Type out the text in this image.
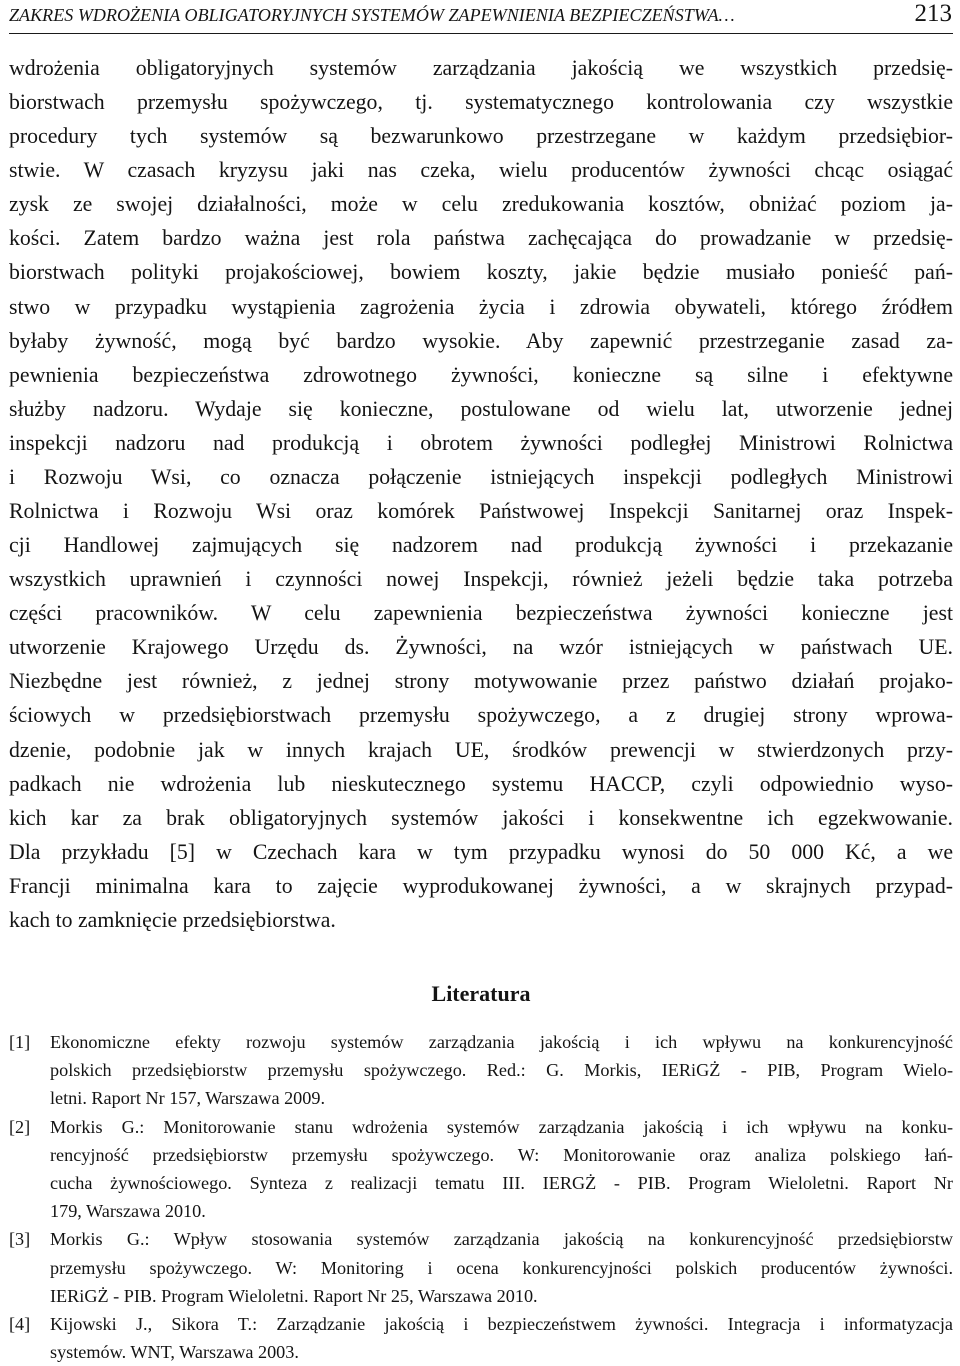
ZAKRES WDROŻENIA OBLIGATORYJNYCH SYSTEMÓW ZAPEWNIENIA BEZPIECZEŃSTWA…	213
wdrożenia obligatoryjnych systemów zarządzania jakością we wszystkich przedsię-
biorstwach przemysłu spożywczego, tj. systematycznego kontrolowania czy wszystkie
procedury tych systemów są bezwarunkowo przestrzegane w każdym przedsiębior-
stwie. W czasach kryzysu jaki nas czeka, wielu producentów żywności chcąc osiągać
zysk ze swojej działalności, może w celu zredukowania kosztów, obniżać poziom ja-
kości. Zatem bardzo ważna jest rola państwa zachęcająca do prowadzanie w przedsię-
biorstwach polityki projakościowej, bowiem koszty, jakie będzie musiało ponieść pań-
stwo w przypadku wystąpienia zagrożenia życia i zdrowia obywateli, którego źródłem
byłaby żywność, mogą być bardzo wysokie. Aby zapewnić przestrzeganie zasad za-
pewnienia bezpieczeństwa zdrowotnego żywności, konieczne są silne i efektywne
służby nadzoru. Wydaje się konieczne, postulowane od wielu lat, utworzenie jednej
inspekcji nadzoru nad produkcją i obrotem żywności podległej Ministrowi Rolnictwa
i Rozwoju Wsi, co oznacza połączenie istniejących inspekcji podległych Ministrowi
Rolnictwa i Rozwoju Wsi oraz komórek Państwowej Inspekcji Sanitarnej oraz Inspek-
cji Handlowej zajmujących się nadzorem nad produkcją żywności i przekazanie
wszystkich uprawnień i czynności nowej Inspekcji, również jeżeli będzie taka potrzeba
części pracowników. W celu zapewnienia bezpieczeństwa żywności konieczne jest
utworzenie Krajowego Urzędu ds. Żywności, na wzór istniejących w państwach UE.
Niezbędne jest również, z jednej strony motywowanie przez państwo działań projako-
ściowych w przedsiębiorstwach przemysłu spożywczego, a z drugiej strony wprowa-
dzenie, podobnie jak w innych krajach UE, środków prewencji w stwierdzonych przy-
padkach nie wdrożenia lub nieskutecznego systemu HACCP, czyli odpowiednio wyso-
kich kar za brak obligatoryjnych systemów jakości i konsekwentne ich egzekwowanie.
Dla przykładu [5] w Czechach kara w tym przypadku wynosi do 50 000 Kć, a we
Francji minimalna kara to zajęcie wyprodukowanej żywności, a w skrajnych przypad-
kach to zamknięcie przedsiębiorstwa.
Literatura
[1] Ekonomiczne efekty rozwoju systemów zarządzania jakością i ich wpływu na konkurencyjność
polskich przedsiębiorstw przemysłu spożywczego. Red.: G. Morkis, IERiGŻ - PIB, Program Wielo-
letni. Raport Nr 157, Warszawa 2009.
[2] Morkis G.: Monitorowanie stanu wdrożenia systemów zarządzania jakością i ich wpływu na konku-
rencyjność przedsiębiorstw przemysłu spożywczego. W: Monitorowanie oraz analiza polskiego łań-
cucha żywnościowego. Synteza z realizacji tematu III. IERGŻ - PIB. Program Wieloletni. Raport Nr
179, Warszawa 2010.
[3] Morkis G.: Wpływ stosowania systemów zarządzania jakością na konkurencyjność przedsiębiorstw
przemysłu spożywczego. W: Monitoring i ocena konkurencyjności polskich producentów żywności.
IERiGŻ - PIB. Program Wieloletni. Raport Nr 25, Warszawa 2010.
[4] Kijowski J., Sikora T.: Zarządzanie jakością i bezpieczeństwem żywności. Integracja i informatyzacja
systemów. WNT, Warszawa 2003.
